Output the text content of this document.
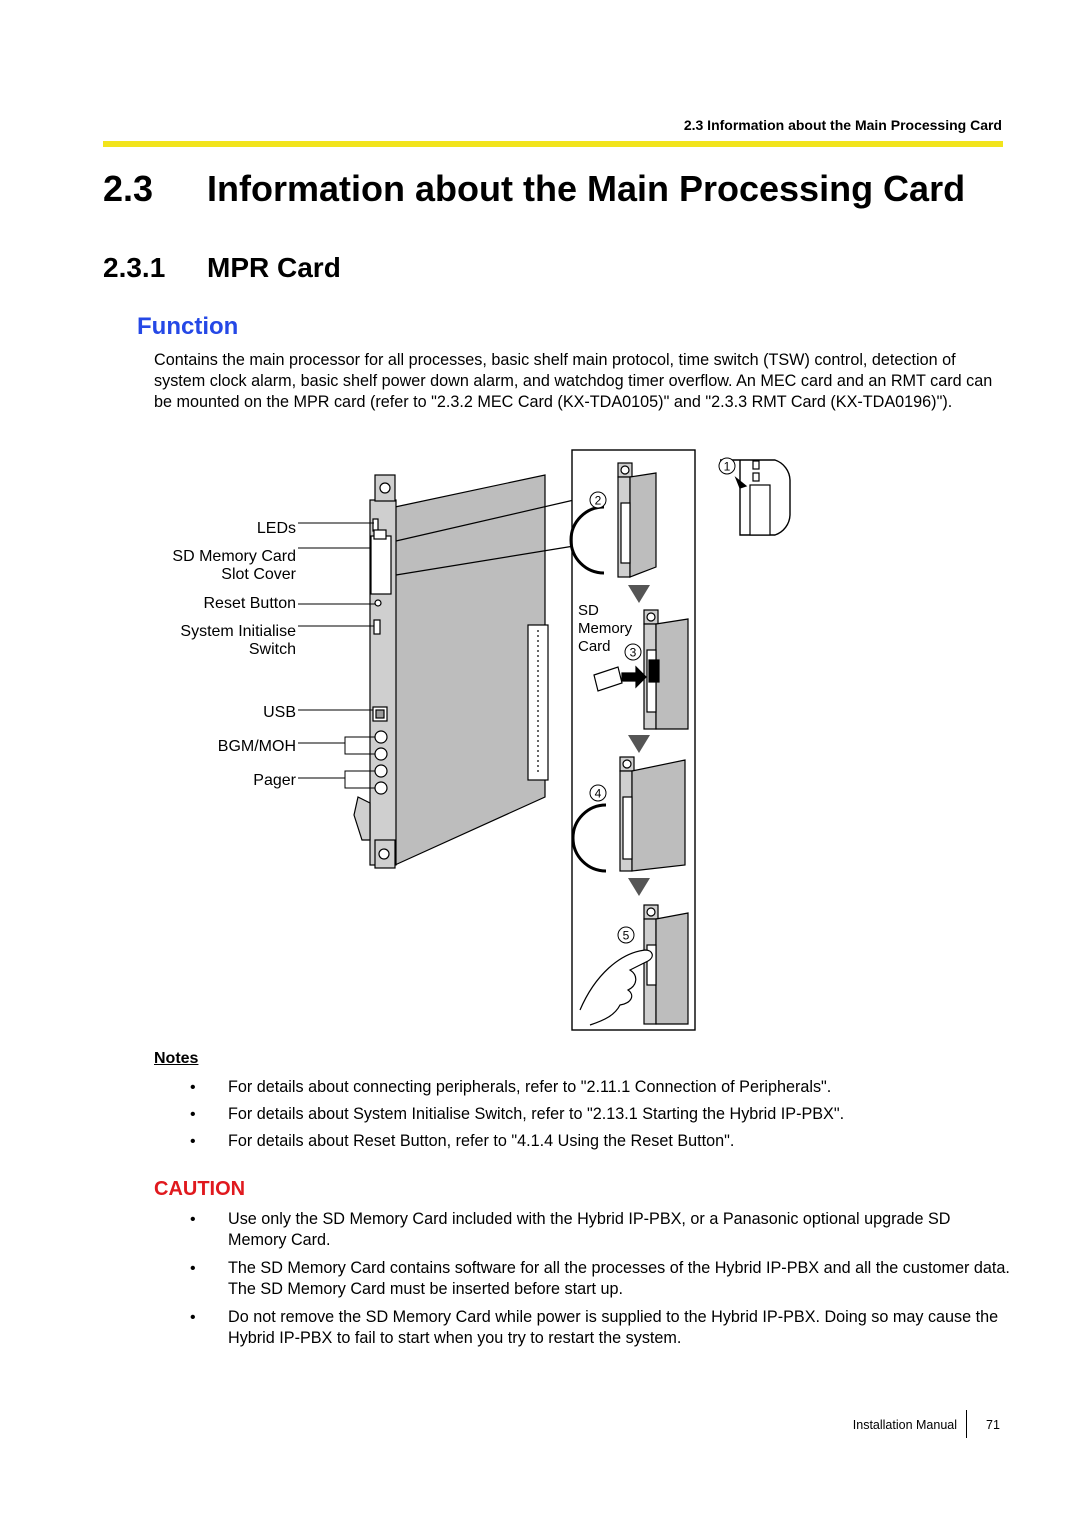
2.3 Information about the Main Processing Card
2.3 Information about the Main Processing Card
2.3.1 MPR Card
Function

Contains the main processor for all processes, basic shelf main protocol, time switch (TSW) control, detection of system clock alarm, basic shelf power down alarm, and watchdog timer overflow. An MEC card and an RMT card can be mounted on the MPR card (refer to "2.3.2 MEC Card (KX-TDA0105)" and "2.3.3 RMT Card (KX-TDA0196)").

LEDs
SD Memory Card
Slot Cover
Reset Button
System Initialise
Switch
USB
BGM/MOH
Pager
SD
Memory
Card
1
2
3
4
5
Notes
• For details about connecting peripherals, refer to "2.11.1 Connection of Peripherals".
• For details about System Initialise Switch, refer to "2.13.1 Starting the Hybrid IP-PBX".
• For details about Reset Button, refer to "4.1.4 Using the Reset Button".
CAUTION
• Use only the SD Memory Card included with the Hybrid IP-PBX, or a Panasonic optional upgrade SD Memory Card.
• The SD Memory Card contains software for all the processes of the Hybrid IP-PBX and all the customer data. The SD Memory Card must be inserted before start up.
• Do not remove the SD Memory Card while power is supplied to the Hybrid IP-PBX. Doing so may cause the Hybrid IP-PBX to fail to start when you try to restart the system.
Installation Manual 71
